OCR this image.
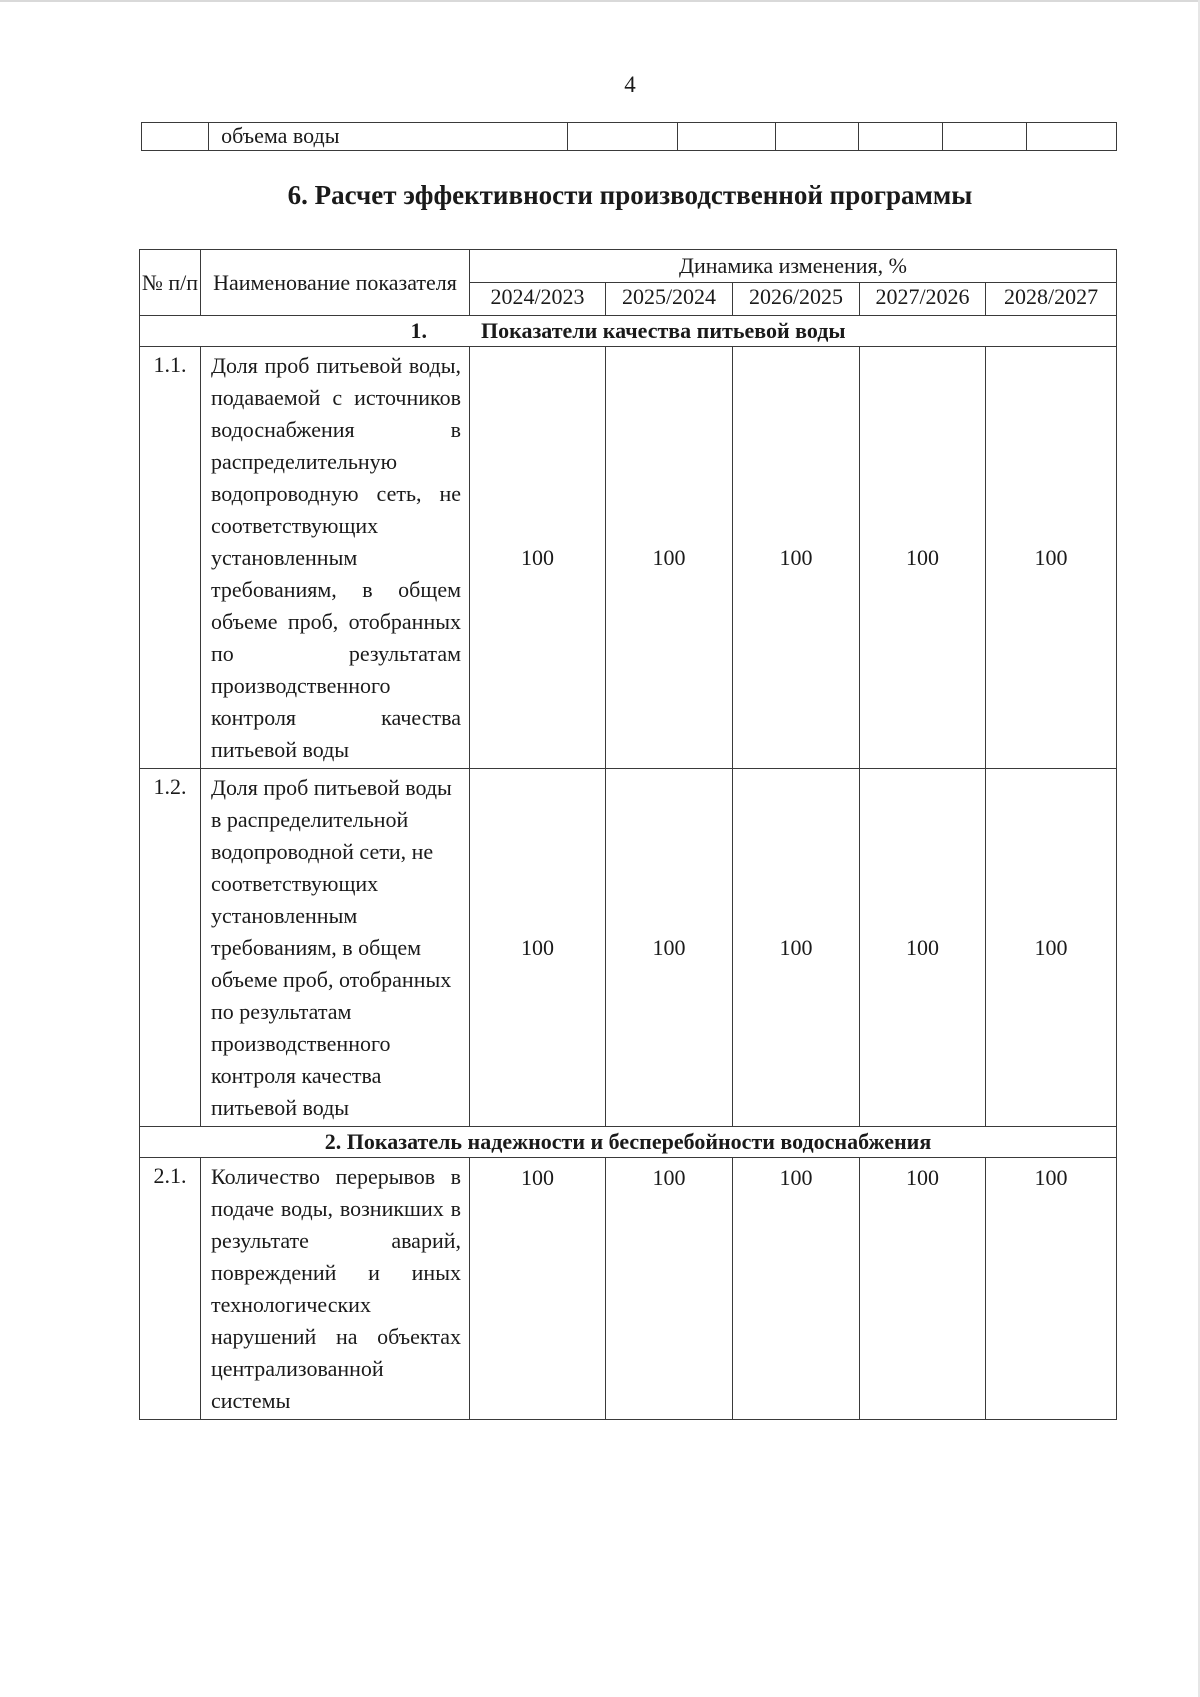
4
	объема воды						
6. Расчет эффективности производственной программы
№ п/п	Наименование показателя	Динамика изменения, %				
		2024/2023	2025/2024	2026/2025	2027/2026	2028/2027
1. Показатели качества питьевой воды						
1.1.	Доля проб питьевой воды, подаваемой с источников водоснабжения в распределительную водопроводную сеть, не соответствующих установленным требованиям, в общем объеме проб, отобранных по результатам производственного контроля качества питьевой воды	100	100	100	100	100
1.2.	Доля проб питьевой воды в распределительной водопроводной сети, не соответствующих установленным требованиям, в общем объеме проб, отобранных по результатам производственного контроля качества питьевой воды	100	100	100	100	100
2. Показатель надежности и бесперебойности водоснабжения						
2.1.	Количество перерывов в подаче воды, возникших в результате аварий, повреждений и иных технологических нарушений на объектах централизованной системы	100	100	100	100	100
